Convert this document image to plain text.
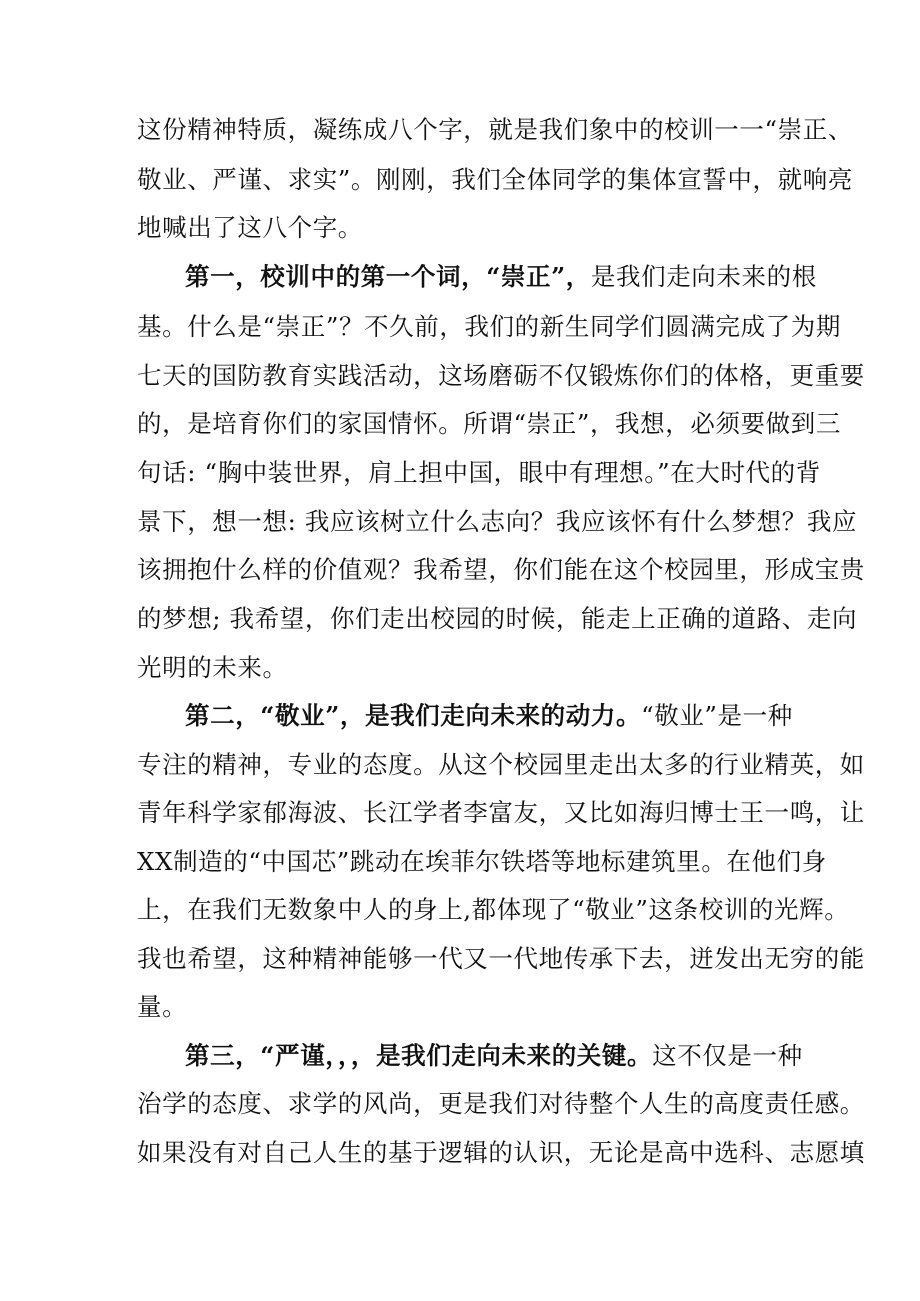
这份精神特质，凝练成八个字，就是我们象中的校训一一“崇正、
敬业、严谨、求实”。刚刚，我们全体同学的集体宣誓中，就响亮
地喊出了这八个字。
第一，校训中的第一个词，“崇正”，是我们走向未来的根
基。什么是“崇正”？不久前，我们的新生同学们圆满完成了为期
七天的国防教育实践活动，这场磨砺不仅锻炼你们的体格，更重要
的，是培育你们的家国情怀。所谓“崇正”，我想，必须要做到三
句话: “胸中装世界，肩上担中国，眼中有理想。”在大时代的背
景下，想一想: 我应该树立什么志向？我应该怀有什么梦想？我应
该拥抱什么样的价值观？我希望，你们能在这个校园里，形成宝贵
的梦想; 我希望，你们走出校园的时候，能走上正确的道路、走向
光明的未来。
第二，“敬业”，是我们走向未来的动力。“敬业”是一种
专注的精神，专业的态度。从这个校园里走出太多的行业精英，如
青年科学家郁海波、长江学者李富友，又比如海归博士王一鸣，让
XX制造的“中国芯”跳动在埃菲尔铁塔等地标建筑里。在他们身
上，在我们无数象中人的身上,都体现了“敬业”这条校训的光辉。
我也希望，这种精神能够一代又一代地传承下去，迸发出无穷的能
量。
第三，“严谨，，，是我们走向未来的关键。这不仅是一种
治学的态度、求学的风尚，更是我们对待整个人生的高度责任感。
如果没有对自己人生的基于逻辑的认识，无论是高中选科、志愿填
